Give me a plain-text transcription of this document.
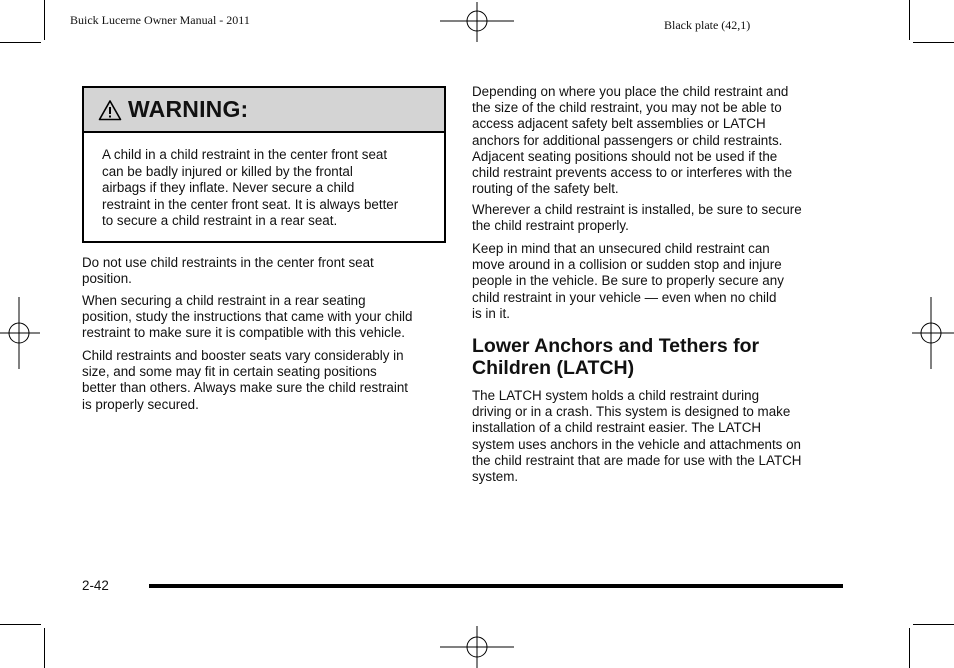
Buick Lucerne Owner Manual - 2011	Black plate (42,1)
WARNING:
A child in a child restraint in the center front seat
can be badly injured or killed by the frontal
airbags if they inflate. Never secure a child
restraint in the center front seat. It is always better
to secure a child restraint in a rear seat.
Do not use child restraints in the center front seat
position.
When securing a child restraint in a rear seating
position, study the instructions that came with your child
restraint to make sure it is compatible with this vehicle.
Child restraints and booster seats vary considerably in
size, and some may fit in certain seating positions
better than others. Always make sure the child restraint
is properly secured.
Depending on where you place the child restraint and
the size of the child restraint, you may not be able to
access adjacent safety belt assemblies or LATCH
anchors for additional passengers or child restraints.
Adjacent seating positions should not be used if the
child restraint prevents access to or interferes with the
routing of the safety belt.
Wherever a child restraint is installed, be sure to secure
the child restraint properly.
Keep in mind that an unsecured child restraint can
move around in a collision or sudden stop and injure
people in the vehicle. Be sure to properly secure any
child restraint in your vehicle — even when no child
is in it.
Lower Anchors and Tethers for
Children (LATCH)
The LATCH system holds a child restraint during
driving or in a crash. This system is designed to make
installation of a child restraint easier. The LATCH
system uses anchors in the vehicle and attachments on
the child restraint that are made for use with the LATCH
system.
2-42
